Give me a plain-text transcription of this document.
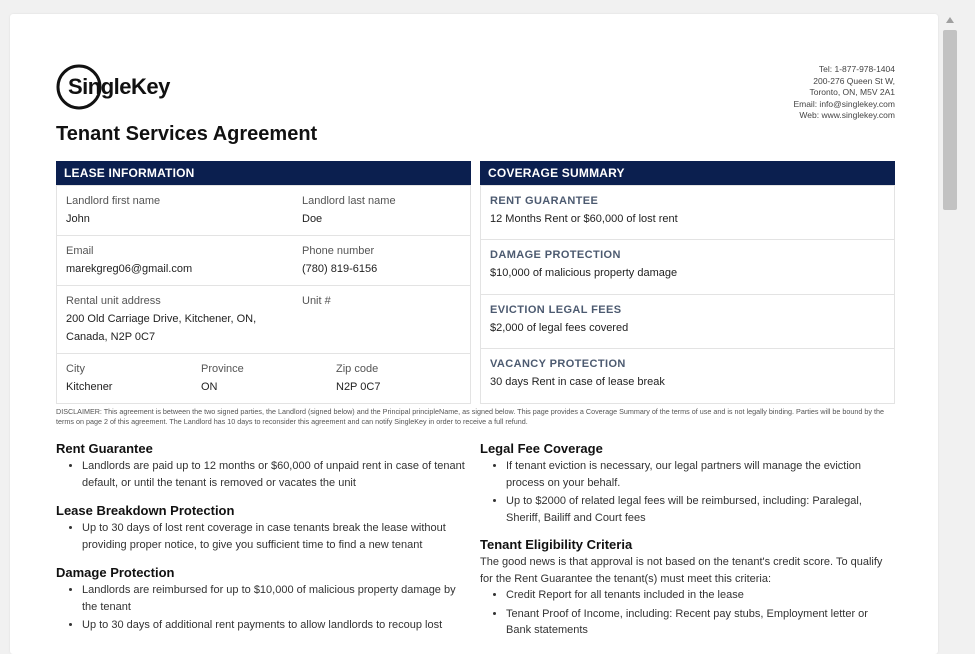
SingleKey
Tel: 1-877-978-1404
200-276 Queen St W,
Toronto, ON, M5V 2A1
Email: info@singlekey.com
Web: www.singlekey.com
Tenant Services Agreement
LEASE INFORMATION
Landlord first name
John
Landlord last name
Doe
Email
marekgreg06@gmail.com
Phone number
(780) 819-6156
Rental unit address
200 Old Carriage Drive, Kitchener, ON,
Canada, N2P 0C7
Unit #
City
Kitchener
Province
ON
Zip code
N2P 0C7
COVERAGE SUMMARY
RENT GUARANTEE
12 Months Rent or $60,000 of lost rent
DAMAGE PROTECTION
$10,000 of malicious property damage
EVICTION LEGAL FEES
$2,000 of legal fees covered
VACANCY PROTECTION
30 days Rent in case of lease break
DISCLAIMER: This agreement is between the two signed parties, the Landlord (signed below) and the Principal principleName, as signed below. This page provides a Coverage Summary of the terms of use and is not legally binding. Parties will be bound by the terms on page 2 of this agreement. The Landlord has 10 days to reconsider this agreement and can notify SingleKey in order to receive a full refund.
Rent Guarantee
• Landlords are paid up to 12 months or $60,000 of unpaid rent in case of tenant default, or until the tenant is removed or vacates the unit
Lease Breakdown Protection
• Up to 30 days of lost rent coverage in case tenants break the lease without providing proper notice, to give you sufficient time to find a new tenant
Damage Protection
• Landlords are reimbursed for up to $10,000 of malicious property damage by the tenant
• Up to 30 days of additional rent payments to allow landlords to recoup lost
Legal Fee Coverage
• If tenant eviction is necessary, our legal partners will manage the eviction process on your behalf.
• Up to $2000 of related legal fees will be reimbursed, including: Paralegal, Sheriff, Bailiff and Court fees
Tenant Eligibility Criteria

The good news is that approval is not based on the tenant's credit score. To qualify for the Rent Guarantee the tenant(s) must meet this criteria:

• Credit Report for all tenants included in the lease
• Tenant Proof of Income, including: Recent pay stubs, Employment letter or Bank statements
